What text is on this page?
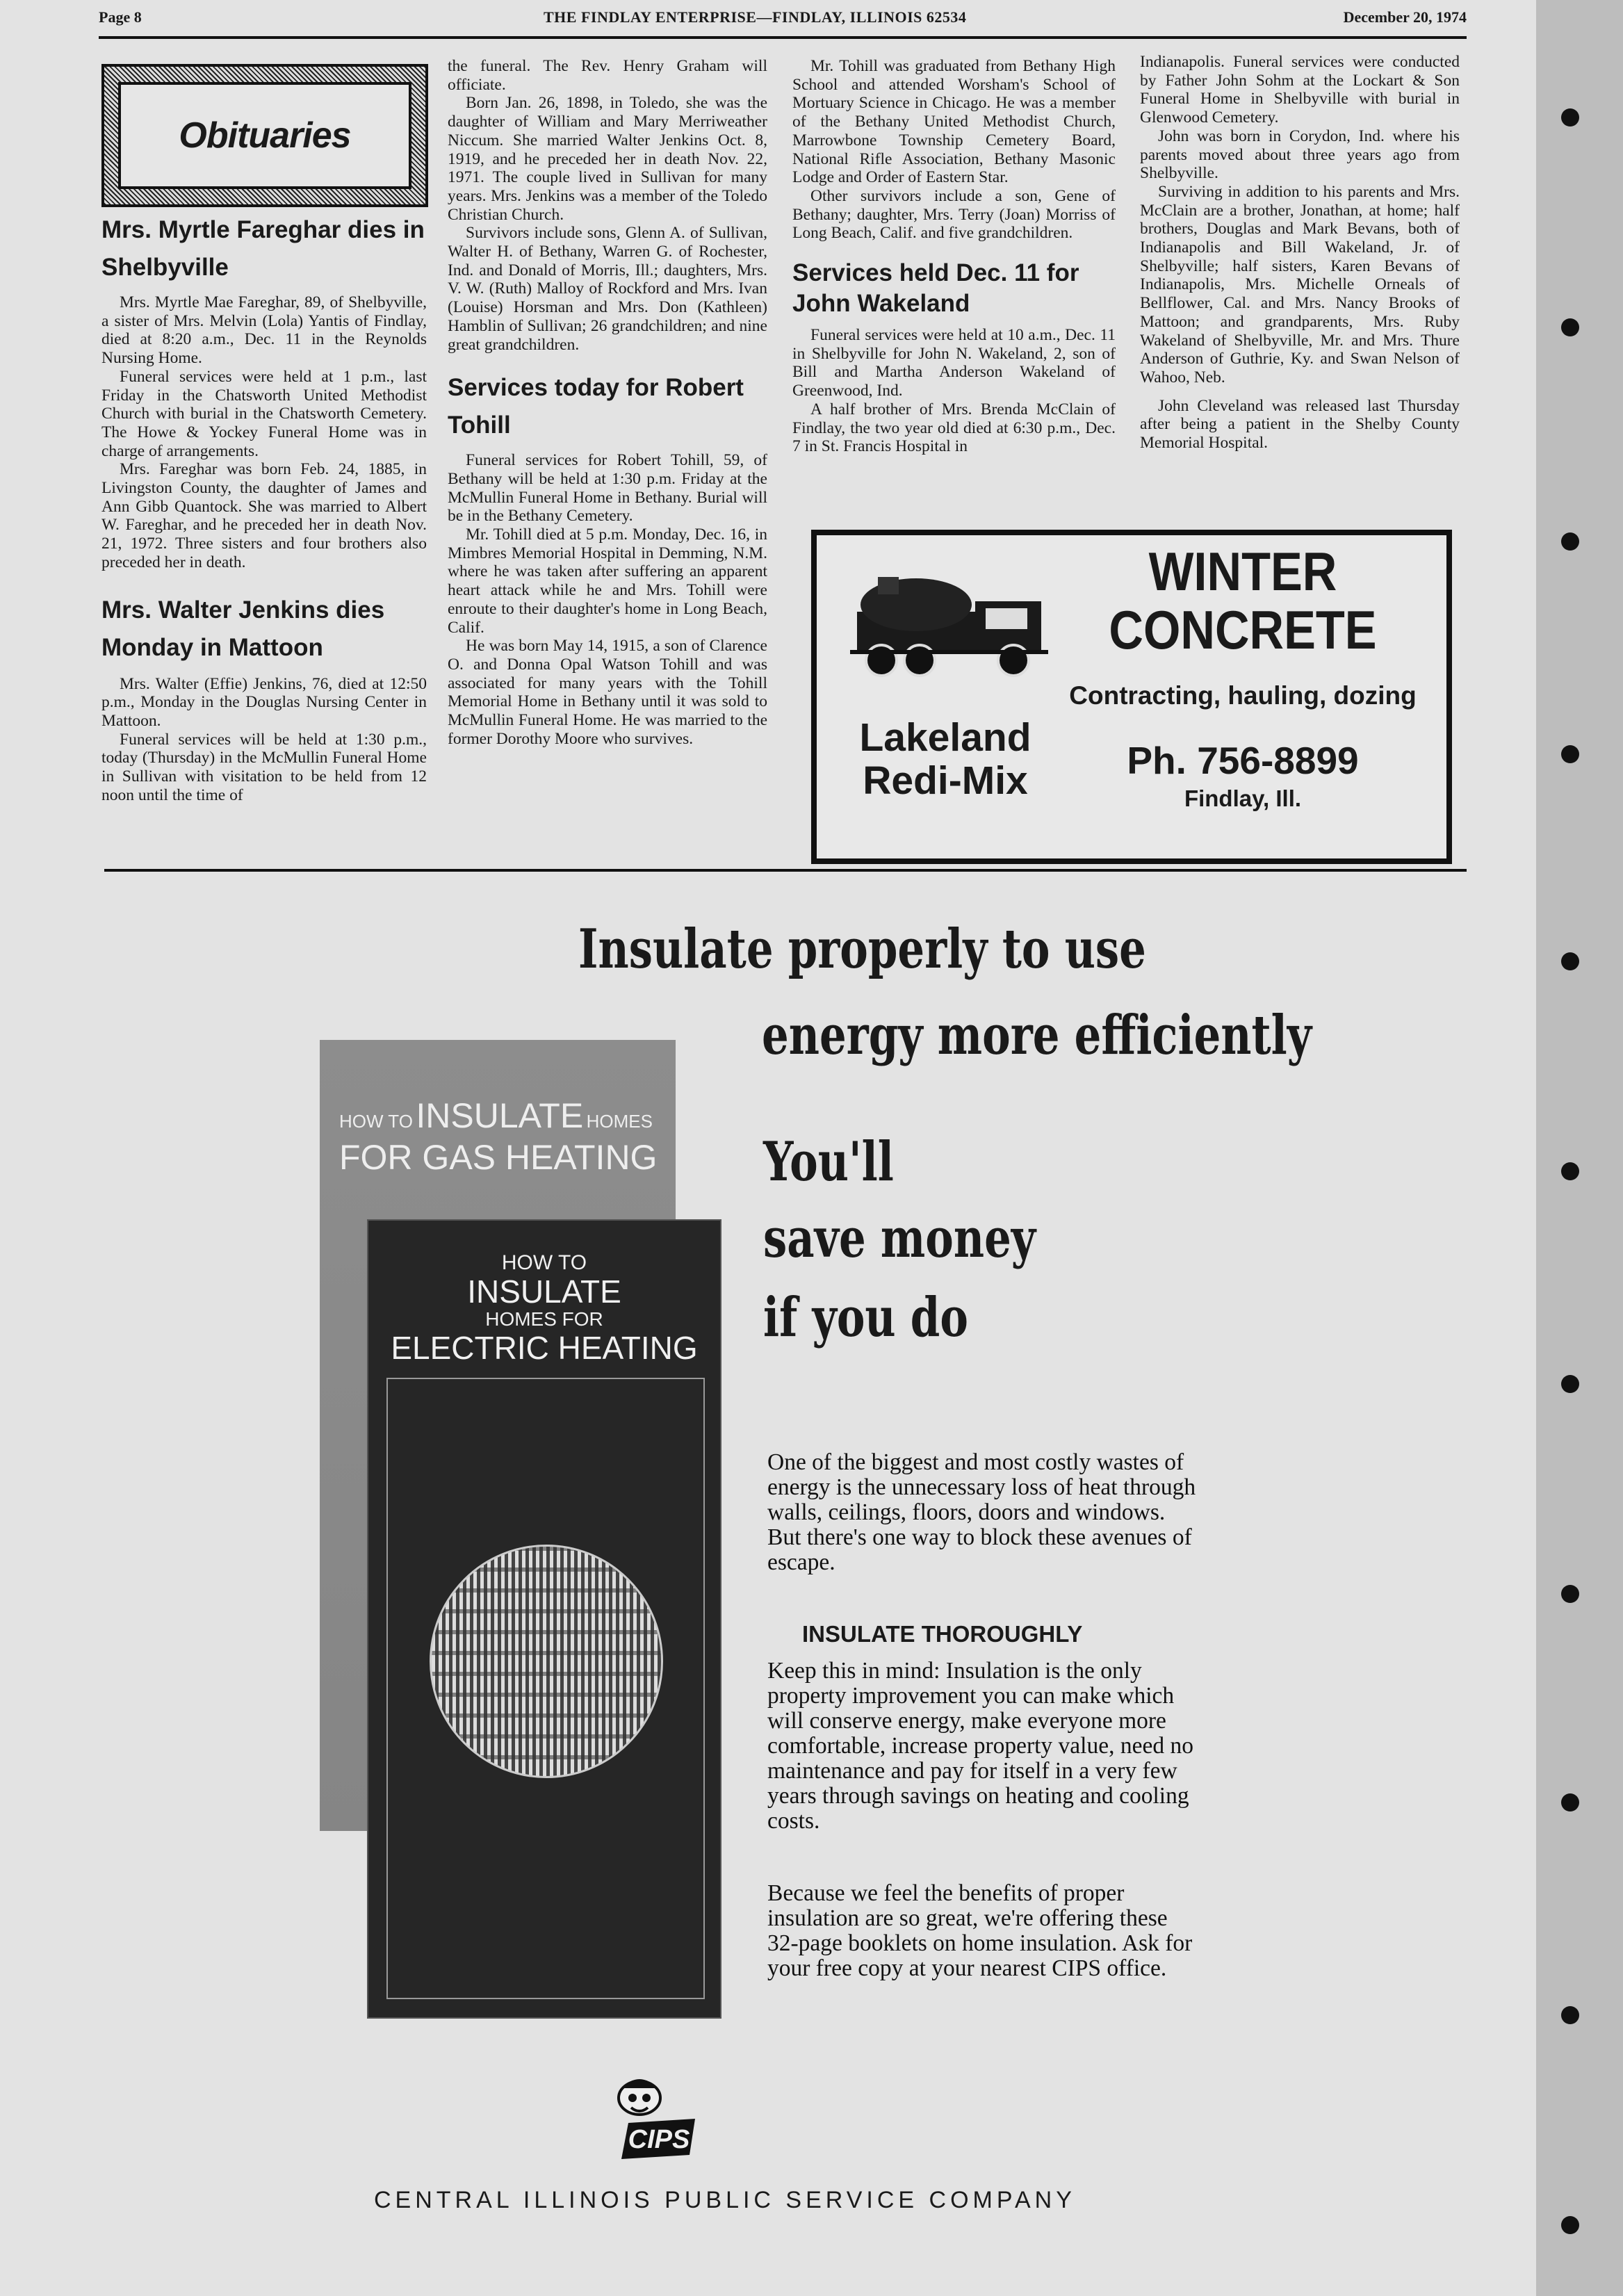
Page 8	THE FINDLAY ENTERPRISE—FINDLAY, ILLINOIS 62534	December 20, 1974
Obituaries
Mrs. Myrtle Fareghar dies in Shelbyville

Mrs. Myrtle Mae Fareghar, 89, of Shelbyville, a sister of Mrs. Melvin (Lola) Yantis of Findlay, died at 8:20 a.m., Dec. 11 in the Reynolds Nursing Home.

Funeral services were held at 1 p.m., last Friday in the Chatsworth United Methodist Church with burial in the Chatsworth Cemetery. The Howe & Yockey Funeral Home was in charge of arrangements.

Mrs. Fareghar was born Feb. 24, 1885, in Livingston County, the daughter of James and Ann Gibb Quantock. She was married to Albert W. Fareghar, and he preceded her in death Nov. 21, 1972. Three sisters and four brothers also preceded her in death.

Mrs. Walter Jenkins dies Monday in Mattoon

Mrs. Walter (Effie) Jenkins, 76, died at 12:50 p.m., Monday in the Douglas Nursing Center in Mattoon.

Funeral services will be held at 1:30 p.m., today (Thursday) in the McMullin Funeral Home in Sullivan with visitation to be held from 12 noon until the time of

the funeral. The Rev. Henry Graham will officiate.

Born Jan. 26, 1898, in Toledo, she was the daughter of William and Mary Merriweather Niccum. She married Walter Jenkins Oct. 8, 1919, and he preceded her in death Nov. 22, 1971. The couple lived in Sullivan for many years. Mrs. Jenkins was a member of the Toledo Christian Church.

Survivors include sons, Glenn A. of Sullivan, Walter H. of Bethany, Warren G. of Rochester, Ind. and Donald of Morris, Ill.; daughters, Mrs. V. W. (Ruth) Malloy of Rockford and Mrs. Ivan (Louise) Horsman and Mrs. Don (Kathleen) Hamblin of Sullivan; 26 grandchildren; and nine great grandchildren.

Services today for Robert Tohill

Funeral services for Robert Tohill, 59, of Bethany will be held at 1:30 p.m. Friday at the McMullin Funeral Home in Bethany. Burial will be in the Bethany Cemetery.

Mr. Tohill died at 5 p.m. Monday, Dec. 16, in Mimbres Memorial Hospital in Demming, N.M. where he was taken after suffering an apparent heart attack while he and Mrs. Tohill were enroute to their daughter's home in Long Beach, Calif.

He was born May 14, 1915, a son of Clarence O. and Donna Opal Watson Tohill and was associated for many years with the Tohill Memorial Home in Bethany until it was sold to McMullin Funeral Home. He was married to the former Dorothy Moore who survives.

Mr. Tohill was graduated from Bethany High School and attended Worsham's School of Mortuary Science in Chicago. He was a member of the Bethany United Methodist Church, Marrowbone Township Cemetery Board, National Rifle Association, Bethany Masonic Lodge and Order of Eastern Star.

Other survivors include a son, Gene of Bethany; daughter, Mrs. Terry (Joan) Morriss of Long Beach, Calif. and five grandchildren.

Services held Dec. 11 for John Wakeland

Funeral services were held at 10 a.m., Dec. 11 in Shelbyville for John N. Wakeland, 2, son of Bill and Martha Anderson Wakeland of Greenwood, Ind.

A half brother of Mrs. Brenda McClain of Findlay, the two year old died at 6:30 p.m., Dec. 7 in St. Francis Hospital in

Indianapolis. Funeral services were conducted by Father John Sohm at the Lockart & Son Funeral Home in Shelbyville with burial in Glenwood Cemetery.

John was born in Corydon, Ind. where his parents moved about three years ago from Shelbyville.

Surviving in addition to his parents and Mrs. McClain are a brother, Jonathan, at home; half brothers, Douglas and Mark Bevans, both of Indianapolis and Bill Wakeland, Jr. of Shelbyville; half sisters, Karen Bevans of Indianapolis, Mrs. Michelle Orneals of Bellflower, Cal. and Mrs. Nancy Brooks of Mattoon; and grandparents, Mrs. Ruby Wakeland of Shelbyville, Mr. and Mrs. Thure Anderson of Guthrie, Ky. and Swan Nelson of Wahoo, Neb.

John Cleveland was released last Thursday after being a patient in the Shelby County Memorial Hospital.

WINTER
CONCRETE
Contracting, hauling, dozing
Lakeland
Redi-Mix	Ph. 756-8899
Findlay, Ill.
Insulate properly to use
energy more efficiently
You'll
save money
if you do
HOW TO INSULATE HOMES
FOR GAS HEATING
HOW TO
INSULATE
HOMES FOR
ELECTRIC HEATING

One of the biggest and most costly wastes of energy is the unnecessary loss of heat through walls, ceilings, floors, doors and windows. But there's one way to block these avenues of escape.

INSULATE THOROUGHLY

Keep this in mind: Insulation is the only property improvement you can make which will conserve energy, make everyone more comfortable, increase property value, need no maintenance and pay for itself in a very few years through savings on heating and cooling costs.

Because we feel the benefits of proper insulation are so great, we're offering these 32-page booklets on home insulation. Ask for your free copy at your nearest CIPS office.

CIPS
CENTRAL ILLINOIS PUBLIC SERVICE COMPANY
